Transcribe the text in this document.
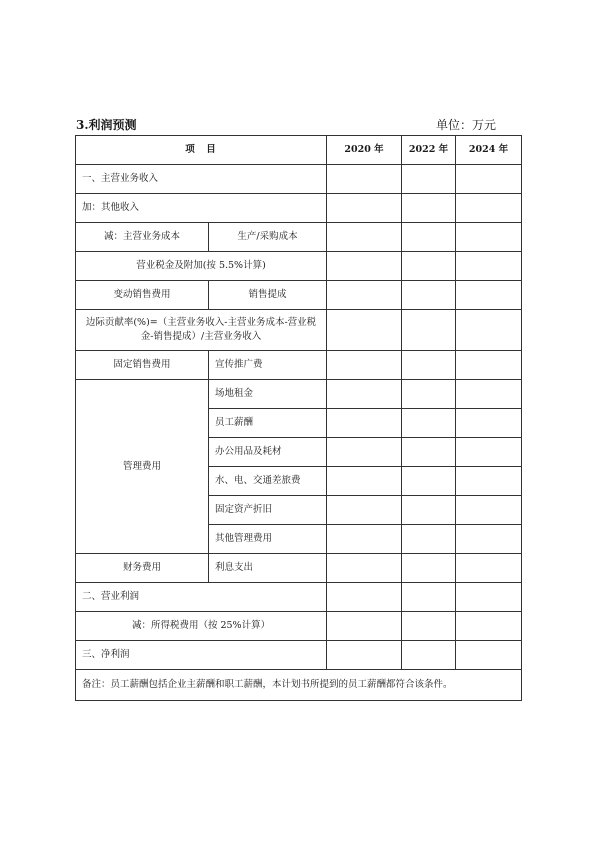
3.利润预测	单位：万元
项　目		2020 年	2022 年	2024 年
一、主营业务收入				
加：其他收入				
减：主营业务成本	生产/采购成本			
营业税金及附加(按 5.5%计算)				
变动销售费用	销售提成			
边际贡献率(%)=（主营业务收入-主营业务成本-营业税金-销售提成）/主营业务收入				
固定销售费用	宣传推广费			
管理费用	场地租金			
	员工薪酬			
	办公用品及耗材			
	水、电、交通差旅费			
	固定资产折旧			
	其他管理费用			
财务费用	利息支出			
二、营业利润				
减：所得税费用（按 25%计算）				
三、净利润				
备注：员工薪酬包括企业主薪酬和职工薪酬，本计划书所提到的员工薪酬都符合该条件。				
